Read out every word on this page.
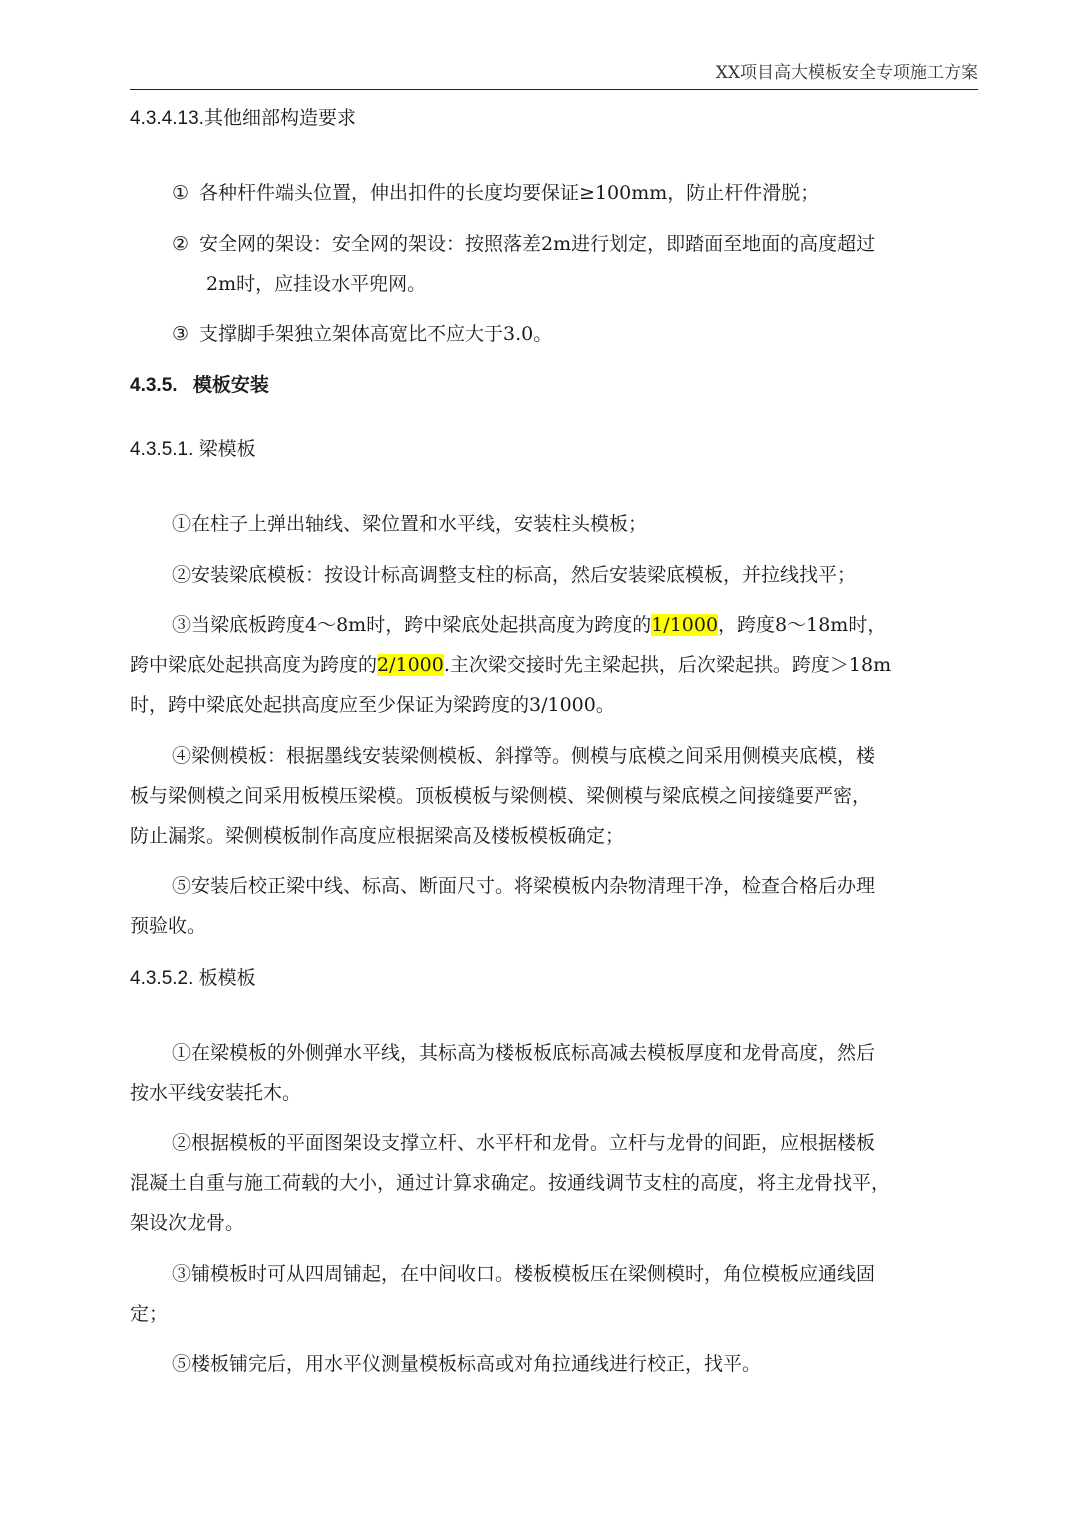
XX项目高大模板安全专项施工方案
4.3.4.13.其他细部构造要求
① 各种杆件端头位置，伸出扣件的长度均要保证≥100mm，防止杆件滑脱；
② 安全网的架设：安全网的架设：按照落差2m进行划定，即踏面至地面的高度超过
2m时，应挂设水平兜网。
③ 支撑脚手架独立架体高宽比不应大于3.0。
4.3.5. 模板安装
4.3.5.1. 梁模板
①在柱子上弹出轴线、梁位置和水平线，安装柱头模板；
②安装梁底模板：按设计标高调整支柱的标高，然后安装梁底模板，并拉线找平；
③当梁底板跨度4～8m时，跨中梁底处起拱高度为跨度的1/1000，跨度8～18m时，
跨中梁底处起拱高度为跨度的2/1000.主次梁交接时先主梁起拱，后次梁起拱。跨度＞18m
时，跨中梁底处起拱高度应至少保证为梁跨度的3/1000。
④梁侧模板：根据墨线安装梁侧模板、斜撑等。侧模与底模之间采用侧模夹底模，楼
板与梁侧模之间采用板模压梁模。顶板模板与梁侧模、梁侧模与梁底模之间接缝要严密，
防止漏浆。梁侧模板制作高度应根据梁高及楼板模板确定；
⑤安装后校正梁中线、标高、断面尺寸。将梁模板内杂物清理干净，检查合格后办理
预验收。
4.3.5.2. 板模板
①在梁模板的外侧弹水平线，其标高为楼板板底标高减去模板厚度和龙骨高度，然后
按水平线安装托木。
②根据模板的平面图架设支撑立杆、水平杆和龙骨。立杆与龙骨的间距，应根据楼板
混凝土自重与施工荷载的大小，通过计算求确定。按通线调节支柱的高度，将主龙骨找平，
架设次龙骨。
③铺模板时可从四周铺起，在中间收口。楼板模板压在梁侧模时，角位模板应通线固
定；
⑤楼板铺完后，用水平仪测量模板标高或对角拉通线进行校正，找平。
